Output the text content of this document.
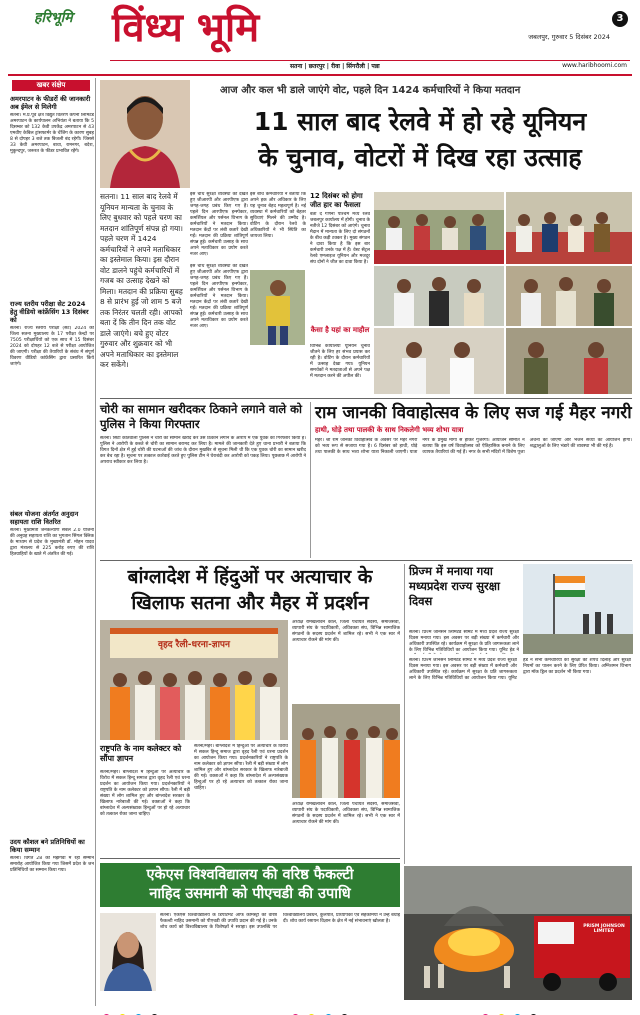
हरिभूमि विंध्य भूमि	जबलपुर, गुरुवार 5 दिसंबर 2024
3
सतना | छतरपुर | रीवा | सिंगरौली | पन्ना	www.haribhoomi.com
खबर संक्षेप
अमरपाटन के फीडरों की जानकारी अब ईमेल से मिलेगी
सतना। म.प्र.पूर्व क्षेत्र विद्युत वितरण कंपनी लिमिटेड अमरपाटन के कार्यपालन अभियंता ने बताया कि 5 दिसम्बर को 132 केवी उपकेंद्र अमरपाटन से 43 एमवीए केबिल ट्रांसफार्मर के चेंजिंग के कारण सुबह 8 से दोपहर 3 बजे तक बिजली बंद रहेगी। जिससे 33 केवी अमरपाटन, बाधा, रामनगर, बदेरा, मुकुन्दपुर, जरूरत के फीडर प्रभावित रहेंगे।
राज्य स्तरीय परीक्षा सेट 2024 हेतु वीडियो कांफ्रेंसिंग 13 दिसंबर को
सतना। राज्य स्तरीय परीक्षा (सेट) 2024 को जिला सतना मुख्यालय के 17 परीक्षा केन्द्रों पर 7505 परीक्षार्थियों को एक साथ में 15 दिसंबर 2024 को दोपहर 12 बजे से परीक्षा आयोजित की जाएगी। परीक्षा की तैयारियों के संबंध में संपूर्ण विवरण वीडियो कांफ्रेंसिंग द्वारा प्रसारित किये जाएंगे।
संबल योजना अंतर्गत अनुदान सहायता राशि वितरित
सतना। मुख्यमंत्री जनकल्याण संबल 2.0 योजना की अनुग्रह सहायता राशि का भुगतान सिंगल क्लिक के माध्यम से प्रदेश के मुख्यमंत्री डॉ. मोहन यादव द्वारा मंत्रालय से 225 करोड़ रुपए की राशि हितग्राहियों के खाते में अंतरित की गई।
उदय कौशल बने प्रतिनिधियों का किया सम्मान
सतना। विगत 28 को मझगवां में रहा सम्मान समारोह आयोजित किया गया जिसमें प्रदेश के जन प्रतिनिधियों का सम्मान किया गया।
आज और कल भी डाले जाएंगे वोट, पहले दिन 1424 कर्मचारियों ने किया मतदान
11 साल बाद रेलवे में हो रहे यूनियन
के चुनाव, वोटरों में दिख रहा उत्साह
सतना। 11 साल बाद रेलवे में यूनियन मान्यता के चुनाव के लिए बुधवार को पहले चरण का मतदान शांतिपूर्ण संपन्न हो गया। पहले चरण में 1424 कर्मचारियों ने अपने मताधिकार का इस्तेमाल किया। इस दौरान वोट डालने पहुंचे कर्मचारियों में गजब का उत्साह देखने को मिला। मतदान की प्रक्रिया सुबह 8 से प्रारंभ हुई जो शाम 5 बजे तक निरंतर चलती रही। आपको बता दें कि तीन दिन तक वोट डाले जाएंगे। बचे हुए वोटर गुरुवार और शुक्रवार को भी अपने मताधिकार का इस्तेमाल कर सकेंगे।
इस चौथ सुरक्षा व्यवस्था को देखते हुए जीआरपी और आरपीएफ द्वारा जगह-जगह प्रबंध किए गए हैं। पहले दिन आरपीएफ इन्स्पेक्टर, कमर्शियल और पर्सनल विभाग के कर्मचारियों ने मतदान किया। मतदान केंद्रों पर लंबी कतारें देखी गईं। मतदान की प्रक्रिया शांतिपूर्ण संपन्न हुई। कर्मचारी उत्साह के साथ अपने मताधिकार का प्रयोग करते नजर आए।
इस बीच कर्मचारियों ने बताया कि अपने हक और अधिकार के लिए यह चुनाव बेहद महत्वपूर्ण है। नई व्यवस्था में कर्मचारियों को बेहतर सुविधाएं मिलने की उम्मीद है। वोटिंग के दौरान रेलवे के अधिकारियों ने भी स्थिति का जायजा लिया।
इस चौथ सुरक्षा व्यवस्था को देखते हुए जीआरपी और आरपीएफ द्वारा जगह-जगह प्रबंध किए गए हैं। पहले दिन आरपीएफ इन्स्पेक्टर, कमर्शियल और पर्सनल विभाग के कर्मचारियों ने मतदान किया। मतदान केंद्रों पर लंबी कतारें देखी गईं। मतदान की प्रक्रिया शांतिपूर्ण संपन्न हुई। कर्मचारी उत्साह के साथ अपने मताधिकार का प्रयोग करते नजर आए।
12 दिसंबर को होगा जीत हार का फैसला
बता दें गणना पश्चिम मध्य रेलवे जबलपुर कार्यालय में होगी। चुनाव के नतीजे 12 दिसंबर को आएंगे। चुनाव मैदान में मान्यता के लिए दो संगठनों के बीच कड़ी टक्कर है। मुख्य संगठन ने दावा किया है कि इस बार कर्मचारी उनके पक्ष में हैं। वेस्ट सेंट्रल रेलवे एम्प्लाइज यूनियन और मजदूर संघ दोनों ने जीत का दावा किया है।
कैसा है यहां का माहौल
विभिन्न कार्यालयों यूनियन चुनाव जीतने के लिए हर संभव प्रयास कर रही है। वोटिंग के दौरान कर्मचारियों में उत्साह देखा गया। यूनियन समर्थकों ने मतदाताओं से अपने पक्ष में मतदान करने की अपील की।
चोरी का सामान खरीदकर ठिकाने लगाने वाले को पुलिस ने किया गिरफ्तार
सतना। सिटी कोतवाली पुलिस ने चोरी का सामान खरीद कर उसे ठिकाने लगाने के आरोप में एक युवक को गिरफ्तार किया है। पुलिस ने आरोपी के कब्जे से चोरी का सामान बरामद कर लिया है। मामले की जानकारी देते हुए थाना प्रभारी ने बताया कि विगत दिनों क्षेत्र में हुई चोरी की घटनाओं की जांच के दौरान मुखबिर से सूचना मिली थी कि एक युवक चोरी का सामान खरीद कर बेच रहा है। सूचना पर तत्काल कार्रवाई करते हुए पुलिस टीम ने घेराबंदी कर आरोपी को पकड़ लिया। पूछताछ में आरोपी ने अपराध स्वीकार कर लिया है।
राम जानकी विवाहोत्सव के लिए सज गई मैहर नगरी
हाथी, घोड़े तथा पालकी के साथ निकलेगी भव्य शोभा यात्रा
मैहर। श्री राम जानकी विवाहोत्सव के अवसर पर मैहर नगरी को भव्य रूप से सजाया गया है। 6 दिसंबर को हाथी, घोड़े तथा पालकी के साथ भव्य शोभा यात्रा निकाली जाएगी। यात्रा नगर के प्रमुख मार्गों से होकर गुजरेगी। आयोजन समिति ने बताया कि इस वर्ष विवाहोत्सव को ऐतिहासिक बनाने के लिए व्यापक तैयारियां की गई हैं। नगर के सभी मंदिरों में विशेष पूजा अर्चना की जाएगी और भजन संध्या का आयोजन होगा। श्रद्धालुओं के लिए भंडारे की व्यवस्था भी की गई है।
बांग्लादेश में हिंदुओं पर अत्याचार के
खिलाफ सतना और मैहर में प्रदर्शन
वृहद रैली-धरना-ज्ञापन
अध्यक्ष रामखेलावन कोल, जिला पंचायत सदस्य, समाजसेवी, व्यापारी संघ के पदाधिकारी, अधिवक्ता संघ, विभिन्न सामाजिक संगठनों के सदस्य प्रदर्शन में शामिल रहे। सभी ने एक स्वर में अत्याचार रोकने की मांग की।
राष्ट्रपति के नाम कलेक्टर को सौंपा ज्ञापन
सतना/मैहर। बांग्लादेश में हिन्दुओं पर अत्याचार के विरोध में सकल हिन्दू समाज द्वारा वृहद रैली एवं धरना प्रदर्शन का आयोजन किया गया। प्रदर्शनकारियों ने राष्ट्रपति के नाम कलेक्टर को ज्ञापन सौंपा। रैली में बड़ी संख्या में लोग शामिल हुए और बांग्लादेश सरकार के खिलाफ नारेबाजी की गई। वक्ताओं ने कहा कि बांग्लादेश में अल्पसंख्यक हिन्दुओं पर हो रहे अत्याचार को तत्काल रोका जाना चाहिए।
सतना/मैहर। बांग्लादेश में हिन्दुओं पर अत्याचार के विरोध में सकल हिन्दू समाज द्वारा वृहद रैली एवं धरना प्रदर्शन का आयोजन किया गया। प्रदर्शनकारियों ने राष्ट्रपति के नाम कलेक्टर को ज्ञापन सौंपा। रैली में बड़ी संख्या में लोग शामिल हुए और बांग्लादेश सरकार के खिलाफ नारेबाजी की गई। वक्ताओं ने कहा कि बांग्लादेश में अल्पसंख्यक हिन्दुओं पर हो रहे अत्याचार को तत्काल रोका जाना चाहिए।
अध्यक्ष रामखेलावन कोल, जिला पंचायत सदस्य, समाजसेवी, व्यापारी संघ के पदाधिकारी, अधिवक्ता संघ, विभिन्न सामाजिक संगठनों के सदस्य प्रदर्शन में शामिल रहे। सभी ने एक स्वर में अत्याचार रोकने की मांग की।
प्रिज्म में मनाया गया मध्यप्रदेश राज्य सुरक्षा दिवस
सतना। प्रिज्म जॉनसन लिमिटेड सीमेंट में मध्य प्रदेश राज्य सुरक्षा दिवस मनाया गया। इस अवसर पर बड़ी संख्या में कर्मचारी और अधिकारी उपस्थित रहे। कार्यक्रम में सुरक्षा के प्रति जागरूकता लाने के लिए विभिन्न गतिविधियों का आयोजन किया गया। यूनिट हेड ने
सतना। प्रिज्म जॉनसन लिमिटेड सीमेंट में मध्य प्रदेश राज्य सुरक्षा दिवस मनाया गया। इस अवसर पर बड़ी संख्या में कर्मचारी और अधिकारी उपस्थित रहे। कार्यक्रम में सुरक्षा के प्रति जागरूकता लाने के लिए विभिन्न गतिविधियों का आयोजन किया गया। यूनिट हेड ने सभी कर्मचारियों को सुरक्षा की शपथ दिलाई और सुरक्षा नियमों का पालन करने के लिए प्रेरित किया। अग्निशमन विभाग द्वारा मॉक ड्रिल का प्रदर्शन भी किया गया।
एकेएस विश्वविद्यालय की वरिष्ठ फैकल्टी
नाहिद उसमानी को पीएचडी की उपाधि
सतना। एकेएस विश्वविद्यालय के डिपार्टमेंट ऑफ केमिस्ट्री की वरिष्ठ फैकल्टी नाहिद उसमानी को पीएचडी की उपाधि प्रदान की गई है। उनके शोध कार्य को विश्वविद्यालय के विशेषज्ञों ने सराहा। इस उपलब्धि पर विश्वविद्यालय प्रबंधन, कुलपति, प्राध्यापकों एवं सहकर्मियों ने उन्हें बधाई दी। शोध कार्य रसायन विज्ञान के क्षेत्र में नई संभावनाएं खोलता है।
PRISM JOHNSON LIMITED
